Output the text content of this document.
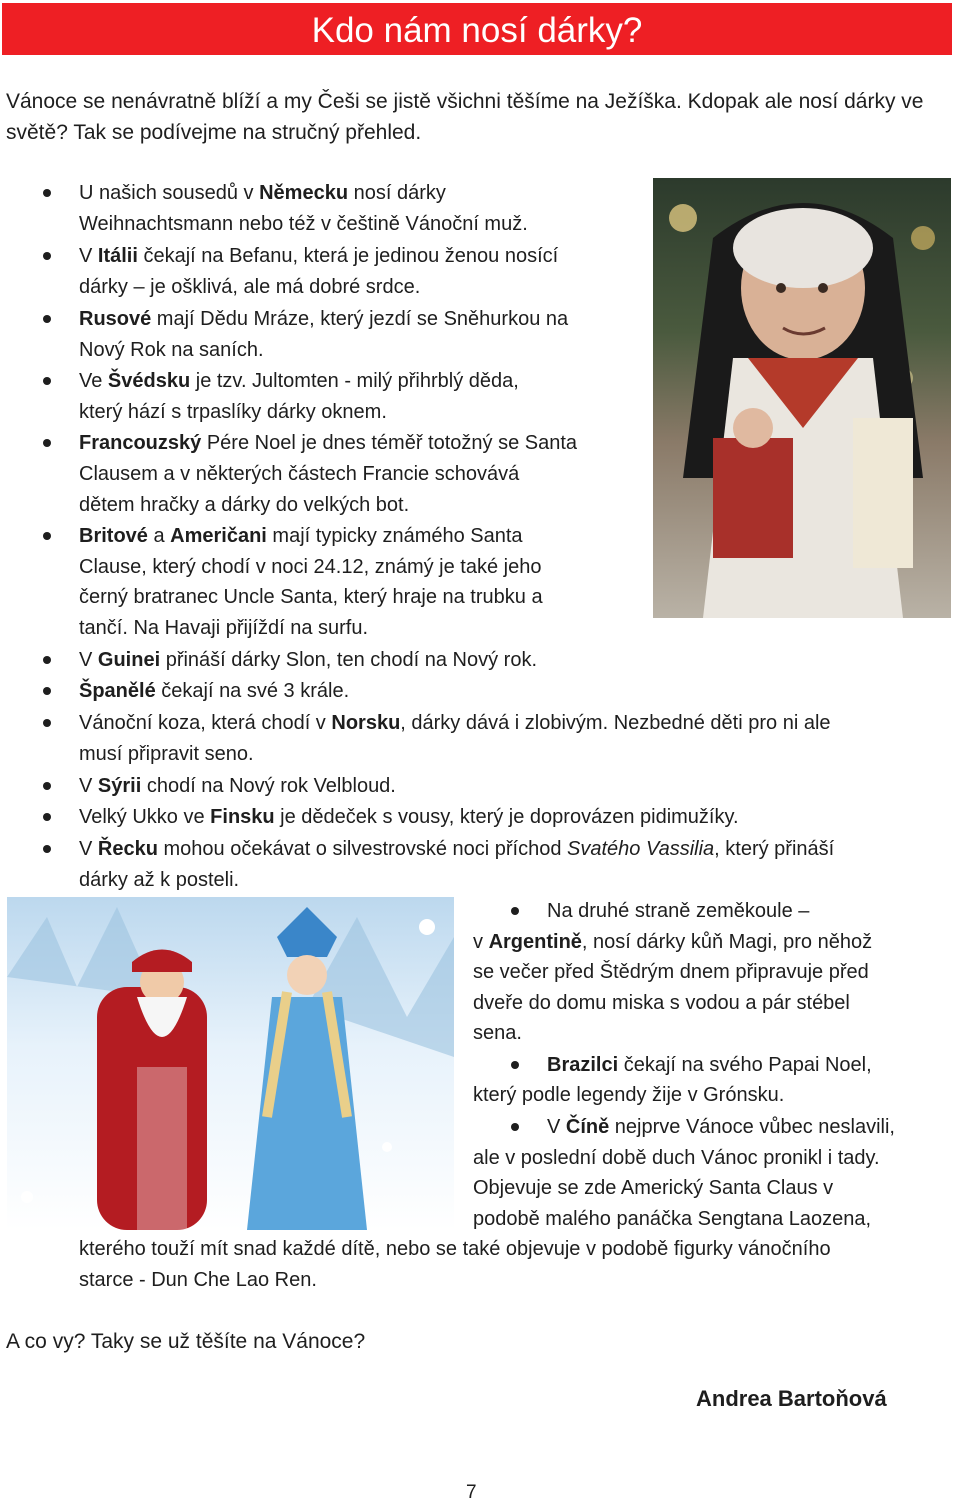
Kdo nám nosí dárky?
Vánoce se nenávratně blíží a my Češi se jistě všichni těšíme na Ježíška. Kdopak ale nosí dárky ve světě? Tak se podívejme na stručný přehled.
U našich sousedů v Německu nosí dárky
Weihnachtsmann nebo též v češtině Vánoční muž.
V Itálii čekají na Befanu, která je jedinou ženou nosící
dárky – je ošklivá, ale má dobré srdce.
Rusové mají Dědu Mráze, který jezdí se Sněhurkou na
Nový Rok na saních.
Ve Švédsku je tzv. Jultomten - milý přihrblý děda,
který hází s trpaslíky dárky oknem.
Francouzský Pére Noel je dnes téměř totožný se Santa
Clausem a v některých částech Francie schovává
dětem hračky a dárky do velkých bot.
Britové a Američani mají typicky známého Santa
Clause, který chodí v noci 24.12, známý je také jeho
černý bratranec Uncle Santa, který hraje na trubku a
tančí. Na Havaji přijíždí na surfu.
V Guinei přináší dárky Slon, ten chodí na Nový rok.
Španělé čekají na své 3 krále.
Vánoční koza, která chodí v Norsku, dárky dává i zlobivým. Nezbedné děti pro ni ale
musí připravit seno.
V Sýrii chodí na Nový rok Velbloud.
Velký Ukko ve Finsku je dědeček s vousy, který je doprovázen pidimužíky.
V Řecku mohou očekávat o silvestrovské noci příchod Svatého Vassilia, který přináší
dárky až k posteli.
Na druhé straně zeměkoule –
v Argentině, nosí dárky kůň Magi, pro něhož
se večer před Štědrým dnem připravuje před
dveře do domu miska s vodou a pár stébel
sena.
Brazilci čekají na svého Papai Noel,
který podle legendy žije v Grónsku.
V Číně nejprve Vánoce vůbec neslavili,
ale v poslední době duch Vánoc pronikl i tady.
Objevuje se zde Americký Santa Claus v
podobě malého panáčka Sengtana Laozena,
kterého touží mít snad každé dítě, nebo se také objevuje v podobě figurky vánočního
starce - Dun Che Lao Ren.
A co vy? Taky se už těšíte na Vánoce?
Andrea Bartoňová
7
